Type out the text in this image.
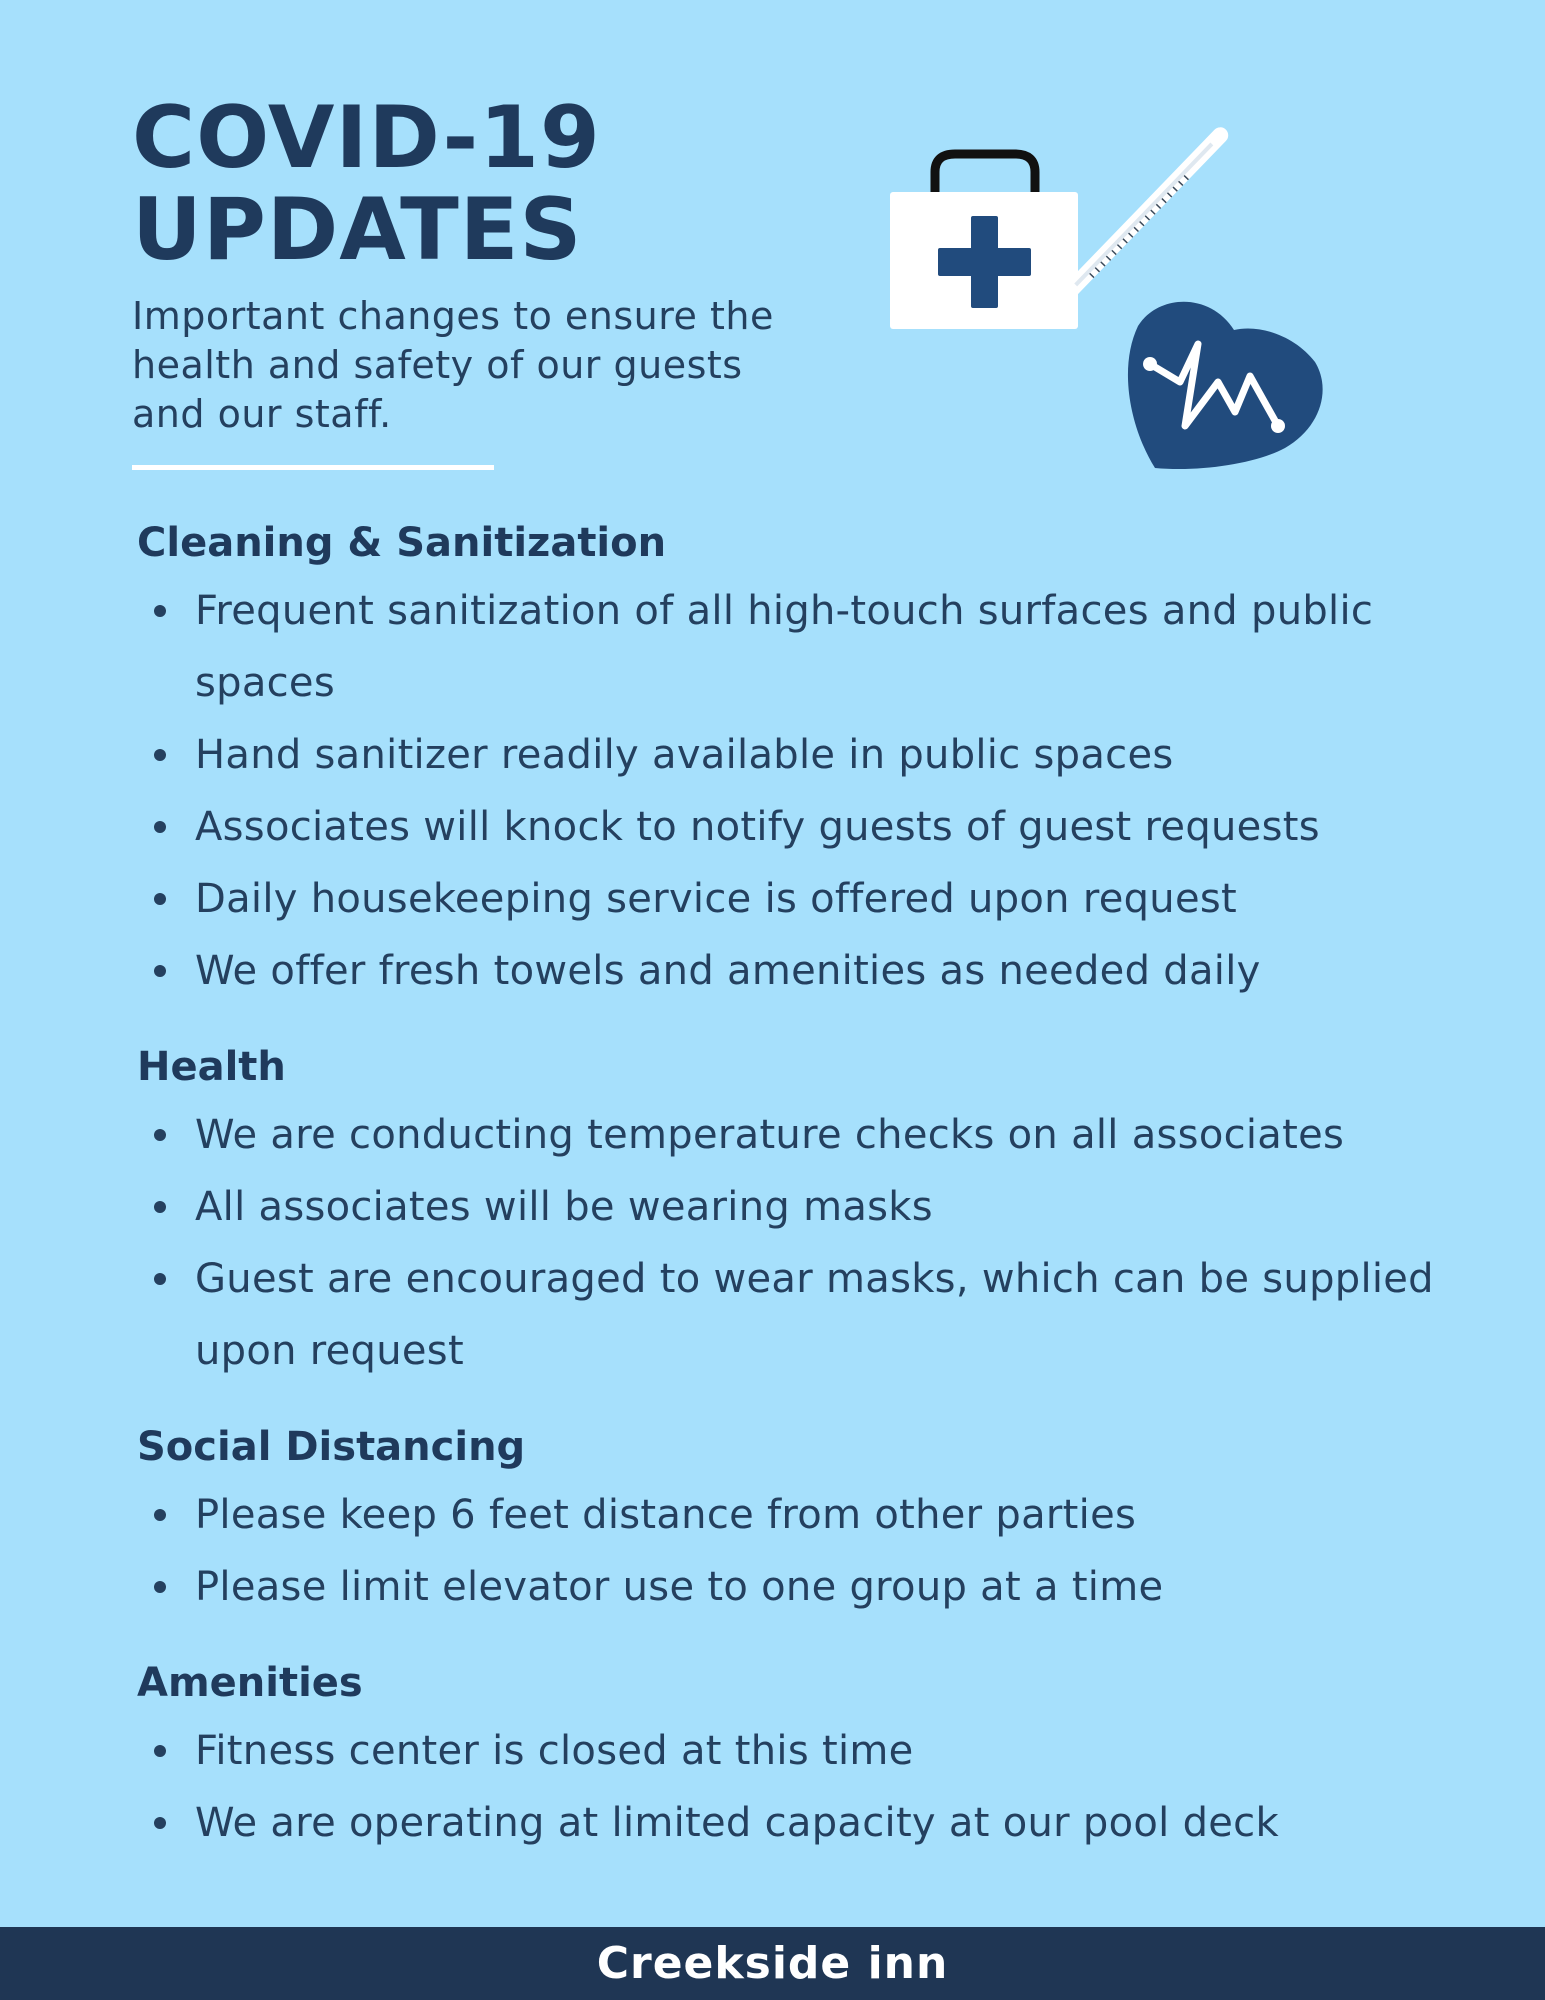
COVID-19
UPDATES

Important changes to ensure the health and safety of our guests and our staff.

Cleaning & Sanitization
Frequent sanitization of all high-touch surfaces and public spaces
Hand sanitizer readily available in public spaces
Associates will knock to notify guests of guest requests
Daily housekeeping service is offered upon request
We offer fresh towels and amenities as needed daily
Health
We are conducting temperature checks on all associates
All associates will be wearing masks
Guest are encouraged to wear masks, which can be supplied upon request
Social Distancing
Please keep 6 feet distance from other parties
Please limit elevator use to one group at a time
Amenities
Fitness center is closed at this time
We are operating at limited capacity at our pool deck
Creekside inn
